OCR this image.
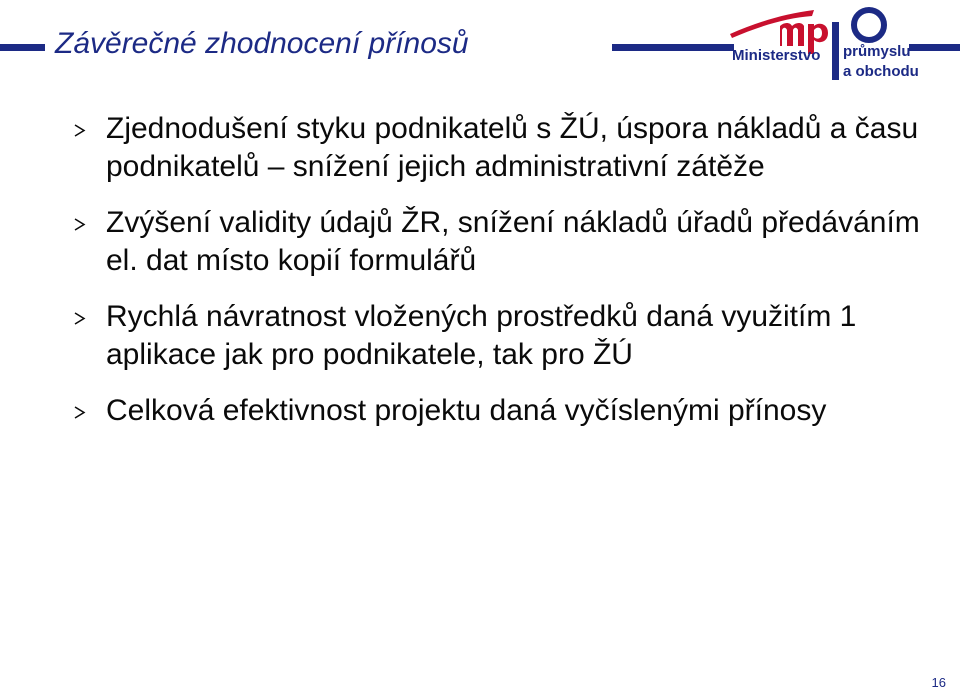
Závěrečné zhodnocení přínosů	Ministerstvo průmyslu
a obchodu
Zjednodušení styku podnikatelů s ŽÚ, úspora nákladů a času podnikatelů – snížení jejich administrativní zátěže
Zvýšení validity údajů ŽR, snížení nákladů úřadů předáváním el. dat místo kopií formulářů
Rychlá návratnost vložených prostředků daná využitím 1 aplikace jak pro podnikatele, tak pro ŽÚ
Celková efektivnost projektu daná vyčíslenými přínosy
16
